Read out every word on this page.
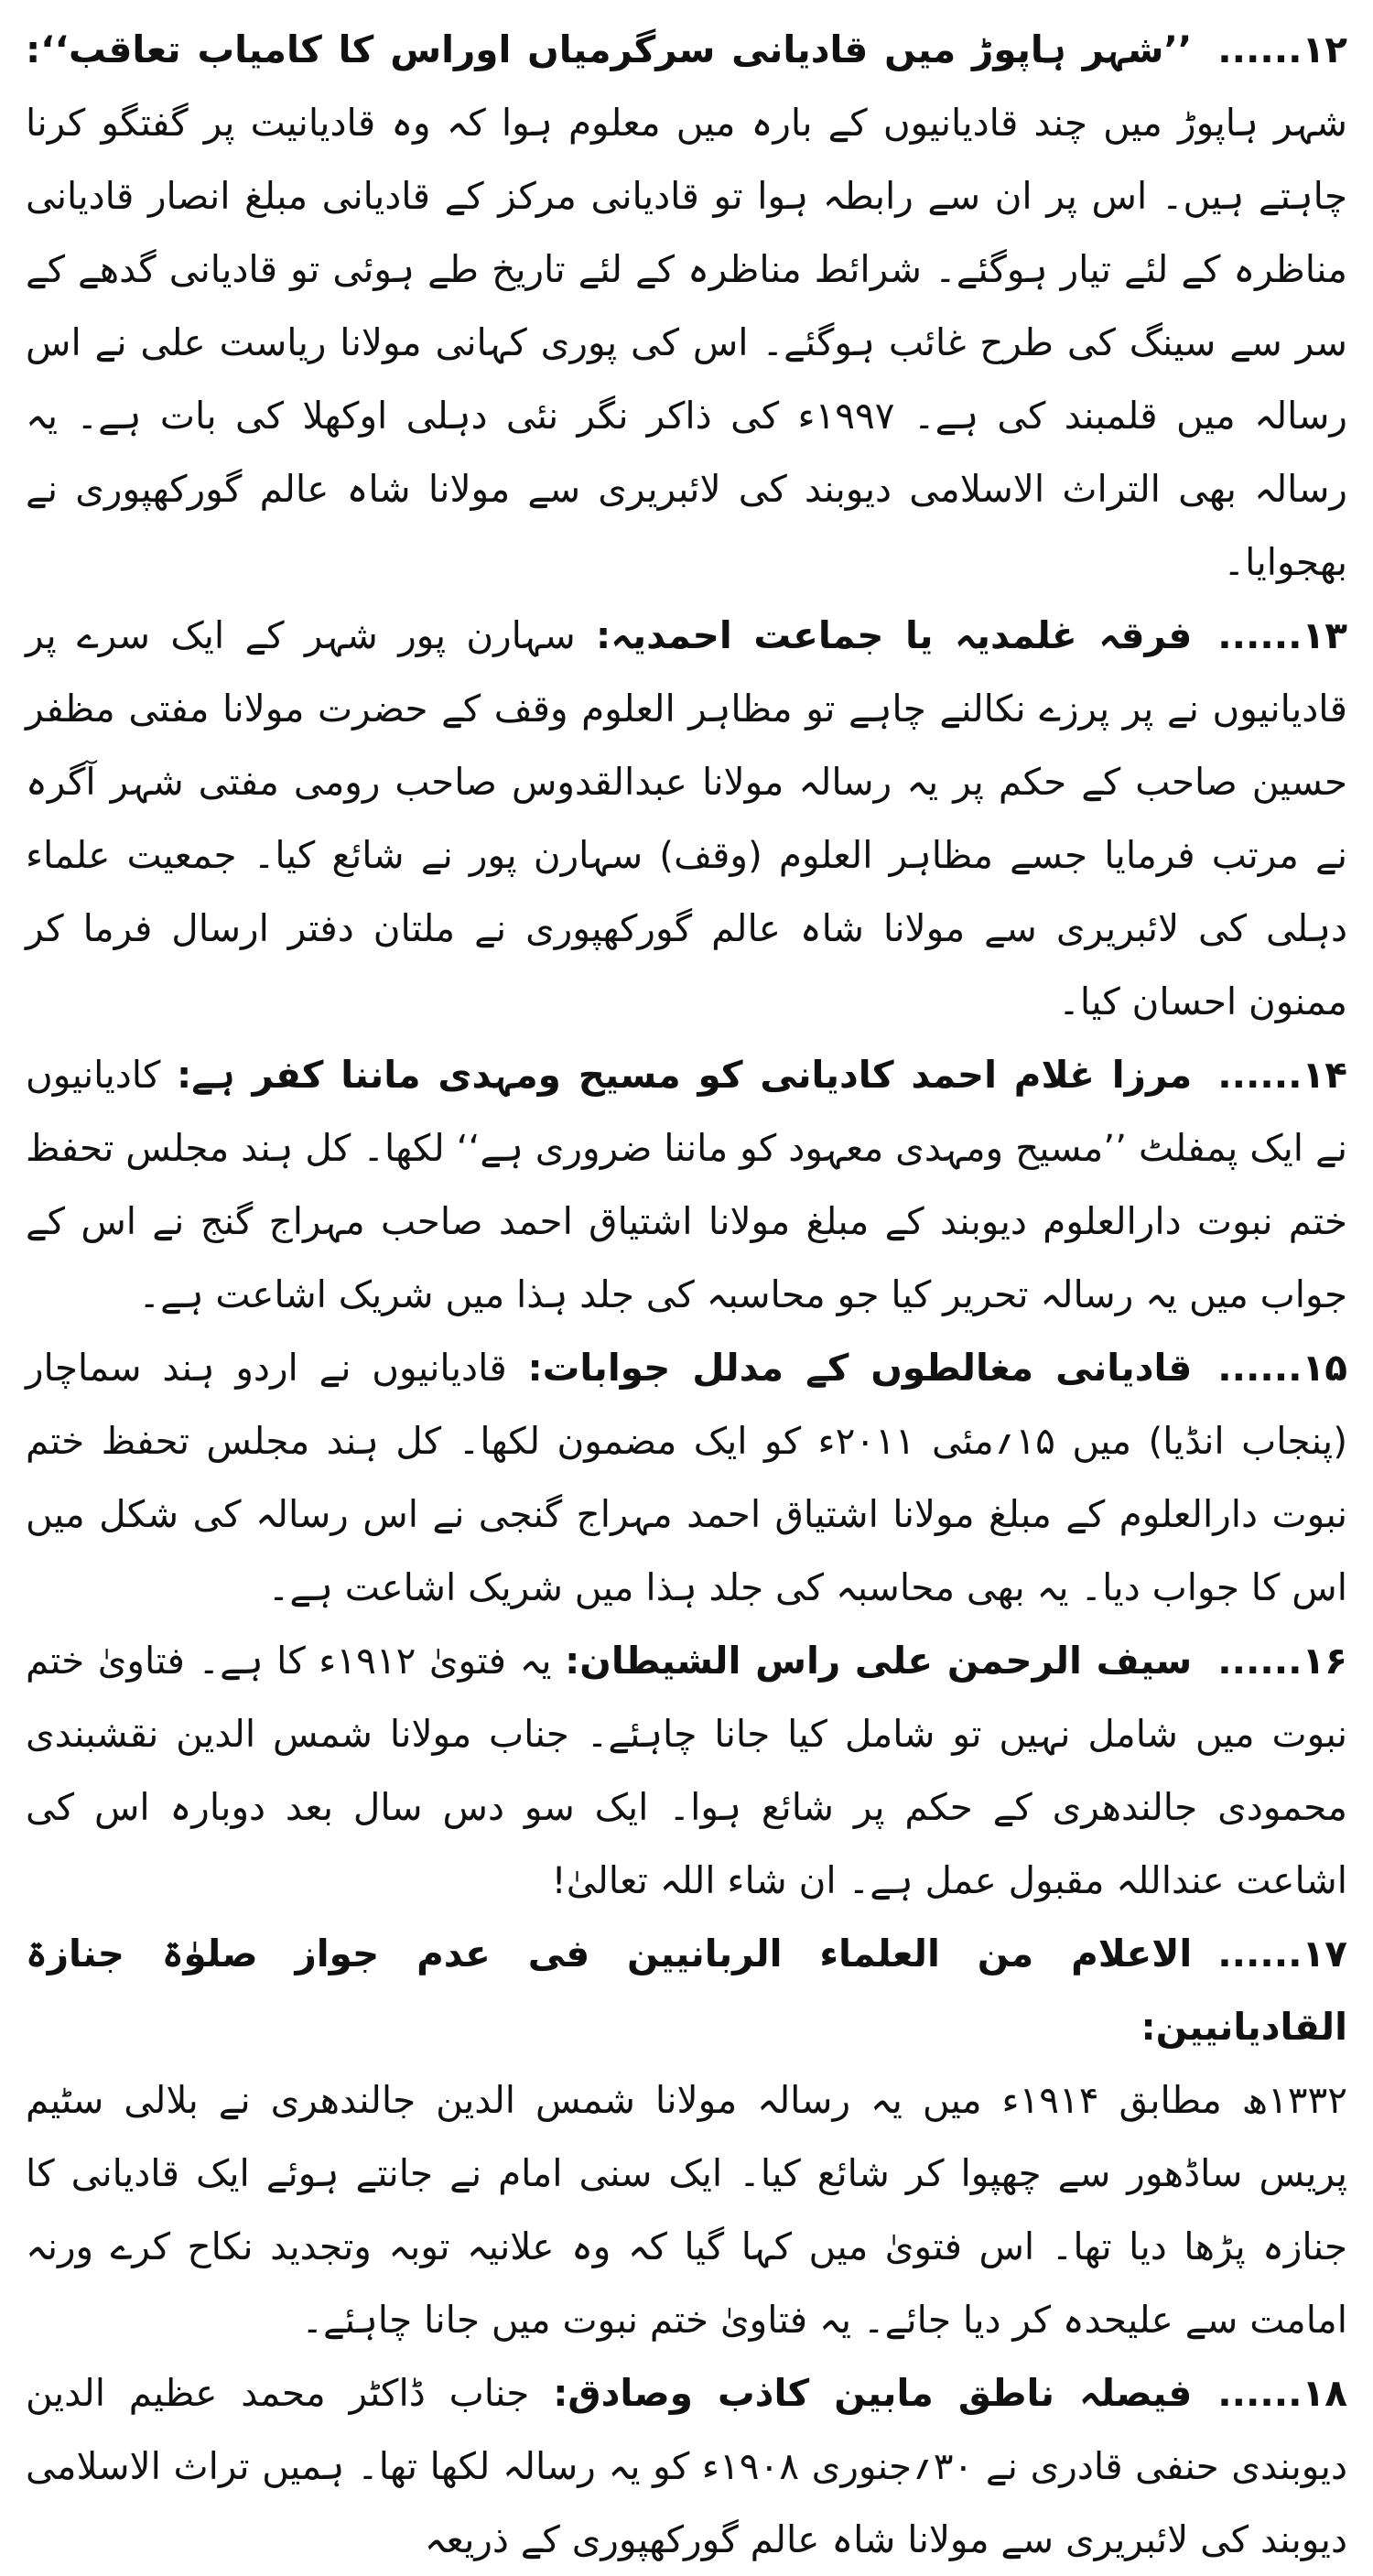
۱۲......’’شہر ہاپوڑ میں قادیانی سرگرمیاں اوراس کا کامیاب تعاقب‘‘: شہر ہاپوڑ میں چند قادیانیوں کے بارہ میں معلوم ہوا کہ وہ قادیانیت پر گفتگو کرنا چاہتے ہیں۔ اس پر ان سے رابطہ ہوا تو قادیانی مرکز کے قادیانی مبلغ انصار قادیانی مناظرہ کے لئے تیار ہوگئے۔ شرائط مناظرہ کے لئے تاریخ طے ہوئی تو قادیانی گدھے کے سر سے سینگ کی طرح غائب ہوگئے۔ اس کی پوری کہانی مولانا ریاست علی نے اس رسالہ میں قلمبند کی ہے۔ ۱۹۹۷ء کی ذاکر نگر نئی دہلی اوکھلا کی بات ہے۔ یہ رسالہ بھی التراث الاسلامی دیوبند کی لائبریری سے مولانا شاہ عالم گورکھپوری نے بھجوایا۔

۱۳......فرقہ غلمدیہ یا جماعت احمدیہ: سہارن پور شہر کے ایک سرے پر قادیانیوں نے پر پرزے نکالنے چاہے تو مظاہر العلوم وقف کے حضرت مولانا مفتی مظفر حسین صاحب کے حکم پر یہ رسالہ مولانا عبدالقدوس صاحب رومی مفتی شہر آگرہ نے مرتب فرمایا جسے مظاہر العلوم (وقف) سہارن پور نے شائع کیا۔ جمعیت علماء دہلی کی لائبریری سے مولانا شاہ عالم گورکھپوری نے ملتان دفتر ارسال فرما کر ممنون احسان کیا۔

۱۴......مرزا غلام احمد کادیانی کو مسیح ومہدی ماننا کفر ہے: کادیانیوں نے ایک پمفلٹ ’’مسیح ومہدی معہود کو ماننا ضروری ہے‘‘ لکھا۔ کل ہند مجلس تحفظ ختم نبوت دارالعلوم دیوبند کے مبلغ مولانا اشتیاق احمد صاحب مہراج گنج نے اس کے جواب میں یہ رسالہ تحریر کیا جو محاسبہ کی جلد ہذا میں شریک اشاعت ہے۔

۱۵......قادیانی مغالطوں کے مدلل جوابات: قادیانیوں نے اردو ہند سماچار (پنجاب انڈیا) میں ۱۵؍مئی ۲۰۱۱ء کو ایک مضمون لکھا۔ کل ہند مجلس تحفظ ختم نبوت دارالعلوم کے مبلغ مولانا اشتیاق احمد مہراج گنجی نے اس رسالہ کی شکل میں اس کا جواب دیا۔ یہ بھی محاسبہ کی جلد ہذا میں شریک اشاعت ہے۔

۱۶......سیف الرحمن علی راس الشیطان: یہ فتویٰ ۱۹۱۲ء کا ہے۔ فتاویٰ ختم نبوت میں شامل نہیں تو شامل کیا جانا چاہئے۔ جناب مولانا شمس الدین نقشبندی محمودی جالندھری کے حکم پر شائع ہوا۔ ایک سو دس سال بعد دوبارہ اس کی اشاعت عنداللہ مقبول عمل ہے۔ ان شاء اللہ تعالیٰ!

۱۷......الاعلام من العلماء الربانیین فی عدم جواز صلوٰۃ جنازۃ القادیانیین:
۱۳۳۲ھ مطابق ۱۹۱۴ء میں یہ رسالہ مولانا شمس الدین جالندھری نے بلالی سٹیم پریس ساڈھور سے چھپوا کر شائع کیا۔ ایک سنی امام نے جانتے ہوئے ایک قادیانی کا جنازہ پڑھا دیا تھا۔ اس فتویٰ میں کہا گیا کہ وہ علانیہ توبہ وتجدید نکاح کرے ورنہ امامت سے علیحدہ کر دیا جائے۔ یہ فتاویٰ ختم نبوت میں جانا چاہئے۔

۱۸......فیصلہ ناطق مابین کاذب وصادق: جناب ڈاکٹر محمد عظیم الدین دیوبندی حنفی قادری نے ۳۰؍جنوری ۱۹۰۸ء کو یہ رسالہ لکھا تھا۔ ہمیں تراث الاسلامی دیوبند کی لائبریری سے مولانا شاہ عالم گورکھپوری کے ذریعہ
